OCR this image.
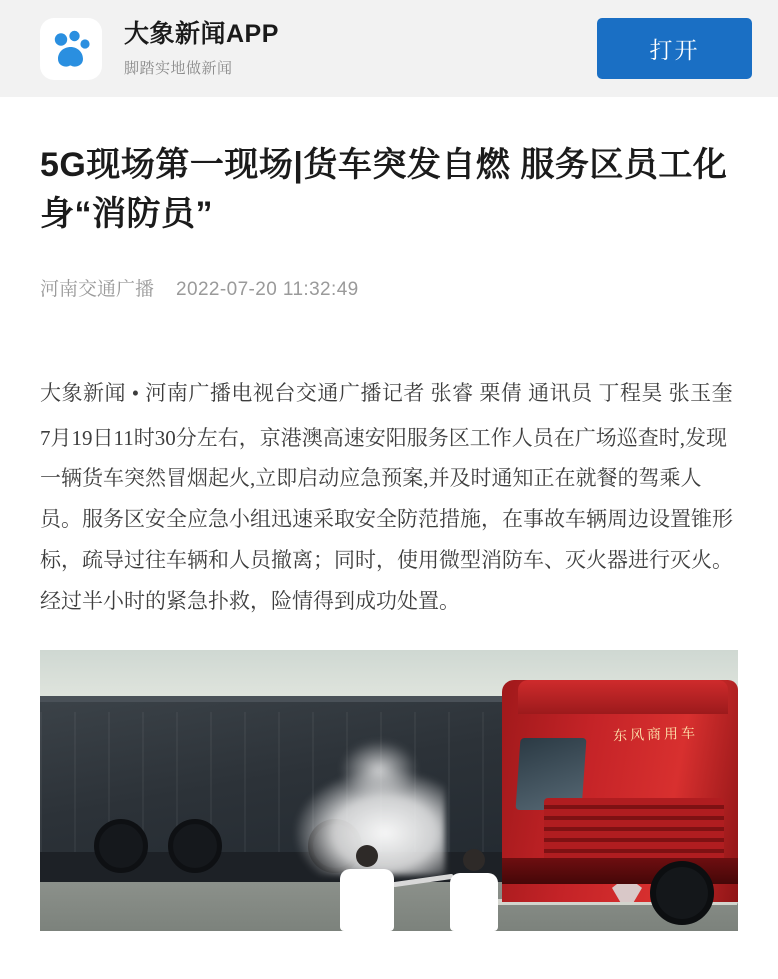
大象新闻APP
脚踏实地做新闻
打开
5G现场第一现场|货车突发自燃 服务区员工化身“消防员”
河南交通广播 2022-07-20 11:32:49

大象新闻 • 河南广播电视台交通广播记者 张睿 栗倩 通讯员 丁程昊 张玉奎

7月19日11时30分左右，京港澳高速安阳服务区工作人员在广场巡查时,发现一辆货车突然冒烟起火,立即启动应急预案,并及时通知正在就餐的驾乘人员。服务区安全应急小组迅速采取安全防范措施，在事故车辆周边设置锥形标，疏导过往车辆和人员撤离；同时，使用微型消防车、灭火器进行灭火。经过半小时的紧急扑救，险情得到成功处置。

东风商用车
